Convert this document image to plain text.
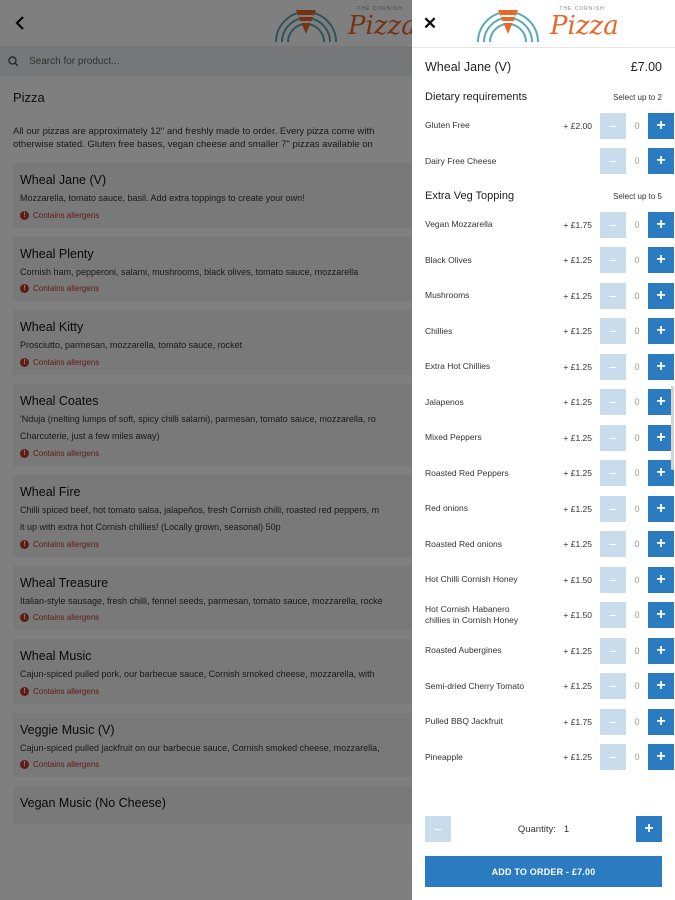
✕
THE CORNISH
Pizza
Wheal Jane (V)	£7.00
Dietary requirements	Select up to 2
Gluten Free	+ £2.00	−	0	+
Dairy Free Cheese	−	0	+
Extra Veg Topping	Select up to 5
Vegan Mozzarella	+ £1.75	−	0	+
Black Olives	+ £1.25	−	0	+
Mushrooms	+ £1.25	−	0	+
Chillies	+ £1.25	−	0	+
Extra Hot Chillies	+ £1.25	−	0	+
Jalapenos	+ £1.25	−	0	+
Mixed Peppers	+ £1.25	−	0	+
Roasted Red Peppers	+ £1.25	−	0	+
Red onions	+ £1.25	−	0	+
Roasted Red onions	+ £1.25	−	0	+
Hot Chilli Cornish Honey	+ £1.50	−	0	+
Hot Cornish Habanero chillies in Cornish Honey	+ £1.50	−	0	+
Roasted Aubergines	+ £1.25	−	0	+
Semi-dried Cherry Tomato	+ £1.25	−	0	+
Pulled BBQ Jackfruit	+ £1.75	−	0	+
Pineapple	+ £1.25	−	0	+
−	Quantity: 1	+
ADD TO ORDER - £7.00
